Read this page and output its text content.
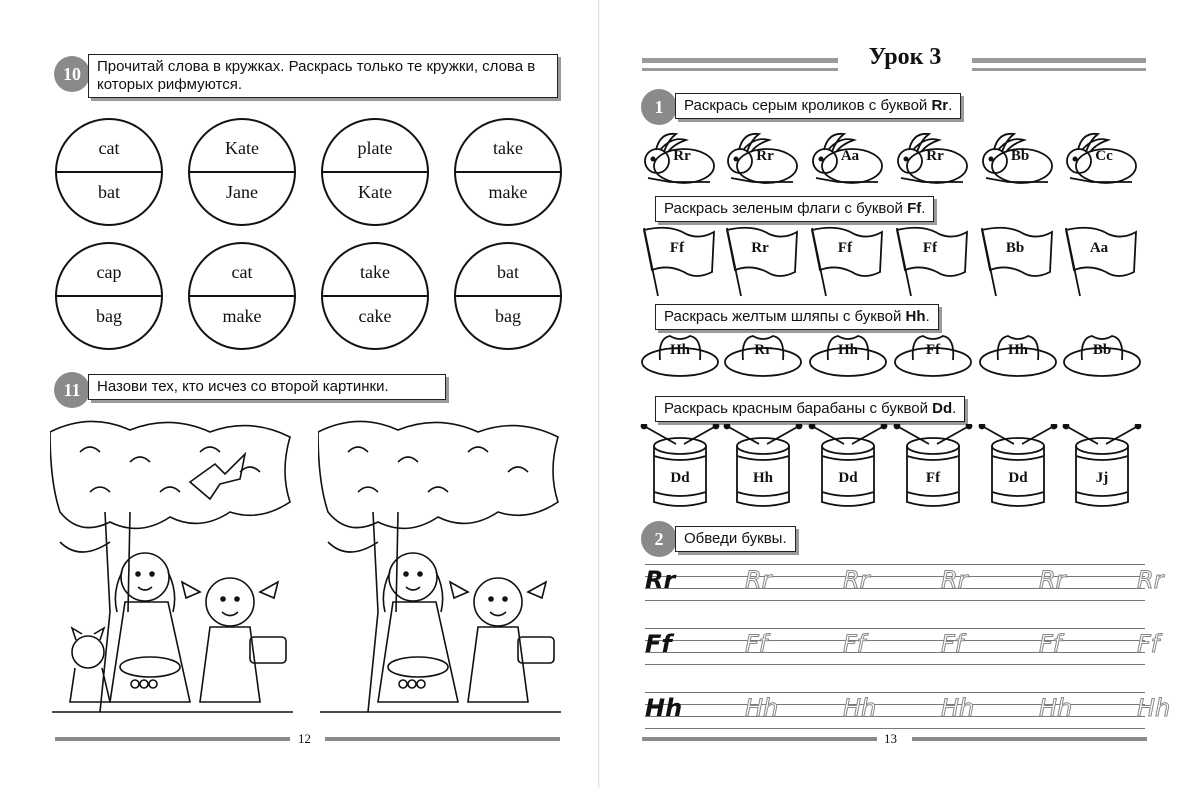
10	Прочитай слова в кружках. Раскрась только те кружки, слова в которых рифмуются.
cat
bat
Kate
Jane
plate
Kate
take
make
cap
bag
cat
make
take
cake
bat
bag
11	Назови тех, кто исчез со второй картинки.
12
Урок 3
1	Раскрась серым кроликов с буквой Rr.
Rr	Rr	Aa	Rr	Bb	Cc
Раскрась зеленым флаги с буквой Ff.
Ff	Rr	Ff	Ff	Bb	Aa
Раскрась желтым шляпы с буквой Hh.
Hh	Rr	Hh	Ff	Hh	Bb
Раскрась красным барабаны с буквой Dd.
Dd	Hh	Dd	Ff	Dd	Jj
2	Обведи буквы.
Rr	Rr	Rr	Rr	Rr	Rr
Ff	Ff	Ff	Ff	Ff	Ff
Hh	Hh	Hh	Hh	Hh	Hh
13
